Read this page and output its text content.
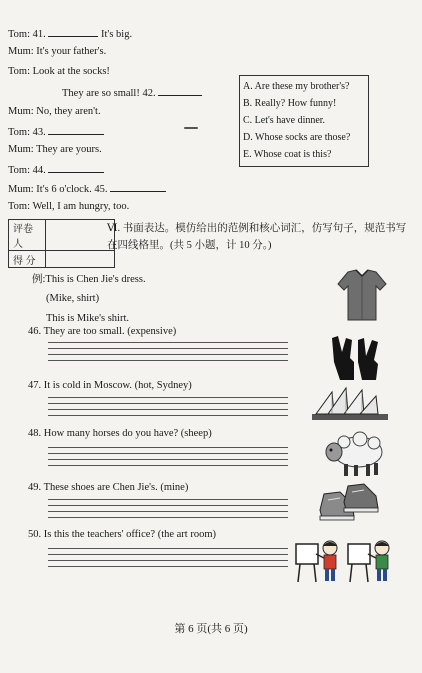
Tom: 41.	It's big.
Mum: It's your father's.
Tom: Look at the socks!
They are so small! 42.
Mum: No, they aren't.
Tom: 43.
Mum: They are yours.
Tom: 44.
Mum: It's 6 o'clock. 45.
Tom: Well, I am hungry, too.
A. Are these my brother's?
B. Really? How funny!
C. Let's have dinner.
D. Whose socks are those?
E. Whose coat is this?
评卷人	
得 分	
Ⅵ. 书面表达。模仿给出的范例和核心词汇，仿写句子，规范书写在四线格里。(共 5 小题，计 10 分。)
例:This is Chen Jie's dress.
(Mike, shirt)
This is Mike's shirt.
46. They are too small. (expensive)
47. It is cold in Moscow. (hot, Sydney)
48. How many horses do you have? (sheep)
49. These shoes are Chen Jie's. (mine)
50. Is this the teachers' office? (the art room)
第 6 页(共 6 页)
